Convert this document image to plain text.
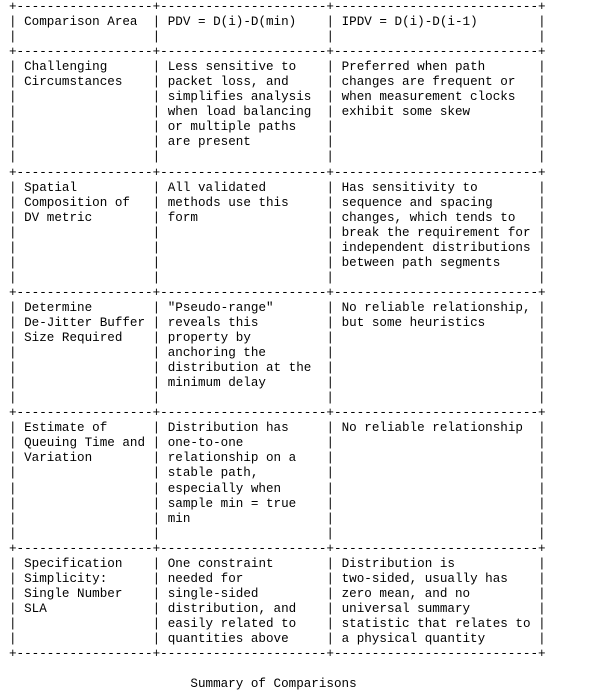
+------------------+----------------------+---------------------------+
| Comparison Area  | PDV = D(i)-D(min)    | IPDV = D(i)-D(i-1)	|
|	|	|	|
+------------------+----------------------+---------------------------+
| Challenging	| Less sensitive to    | Preferred when path	|
| Circumstances    | packet loss, and     | changes are frequent or   |
|	| simplifies analysis  | when measurement clocks   |
|	| when load balancing  | exhibit some skew	|
|	| or multiple paths    |	|
|	| are present	|	|
|                  |                      |                           |
+------------------+----------------------+---------------------------+
| Spatial	| All validated	| Has sensitivity to	|
| Composition of   | methods use this     | sequence and spacing	|
| DV metric	| form	| changes, which tends to   |
|	|	| break the requirement for |
|	|	| independent distributions |
|	|	| between path segments     |
|                  |                      |                           |
+------------------+----------------------+---------------------------+
| Determine	| "Pseudo-range"	| No reliable relationship, |
| De-Jitter Buffer | reveals this	| but some heuristics	|
| Size Required    | property by	|	|
|	| anchoring the	|	|
|	| distribution at the  |	|
|	| minimum delay	|	|
|                  |                      |                           |
+------------------+----------------------+---------------------------+
| Estimate of	| Distribution has     | No reliable relationship  |
| Queuing Time and | one-to-one	|	|
| Variation	| relationship on a    |	|
|	| stable path,	|	|
|	| especially when	|	|
|	| sample min = true    |	|
|	| min	|	|
|                  |                      |                           |
+------------------+----------------------+---------------------------+
| Specification    | One constraint	| Distribution is	|
| Simplicity:	| needed for	| two-sided, usually has    |
| Single Number    | single-sided	| zero mean, and no	|
| SLA	| distribution, and    | universal summary	|
|	| easily related to    | statistic that relates to |
|	| quantities above     | a physical quantity	|
+------------------+----------------------+---------------------------+

Summary of Comparisons
